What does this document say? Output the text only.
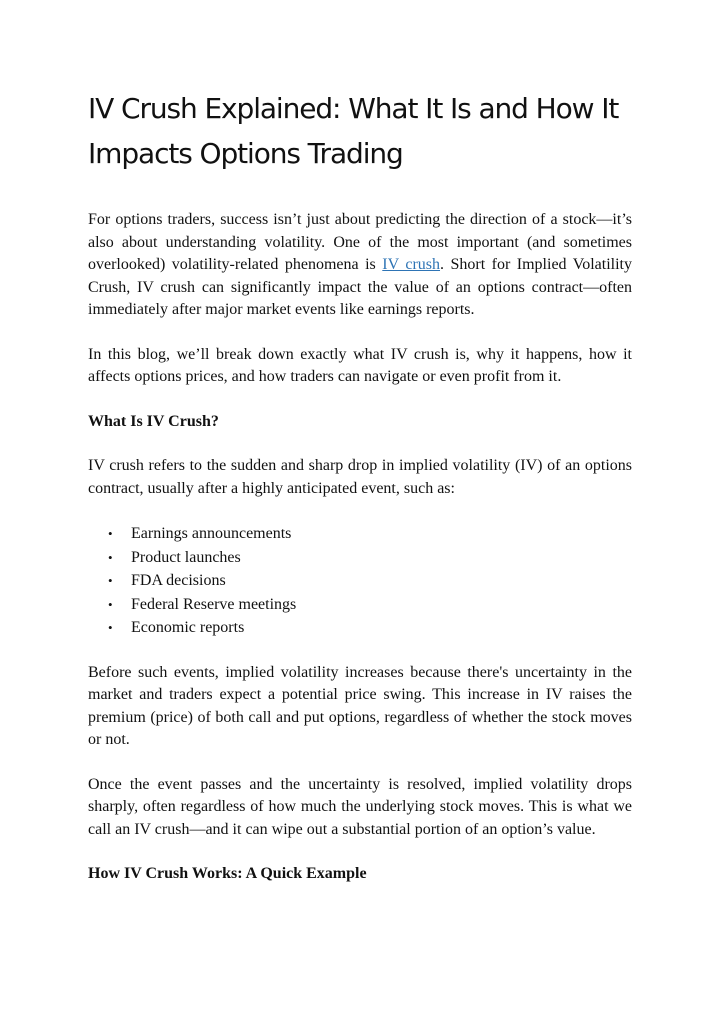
IV Crush Explained: What It Is and How It Impacts Options Trading

For options traders, success isn’t just about predicting the direction of a stock—it’s also about understanding volatility. One of the most important (and sometimes overlooked) volatility-related phenomena is IV crush. Short for Implied Volatility Crush, IV crush can significantly impact the value of an options contract—often immediately after major market events like earnings reports.

In this blog, we’ll break down exactly what IV crush is, why it happens, how it affects options prices, and how traders can navigate or even profit from it.

What Is IV Crush?

IV crush refers to the sudden and sharp drop in implied volatility (IV) of an options contract, usually after a highly anticipated event, such as:

• Earnings announcements
• Product launches
• FDA decisions
• Federal Reserve meetings
• Economic reports

Before such events, implied volatility increases because there's uncertainty in the market and traders expect a potential price swing. This increase in IV raises the premium (price) of both call and put options, regardless of whether the stock moves or not.

Once the event passes and the uncertainty is resolved, implied volatility drops sharply, often regardless of how much the underlying stock moves. This is what we call an IV crush—and it can wipe out a substantial portion of an option’s value.

How IV Crush Works: A Quick Example
